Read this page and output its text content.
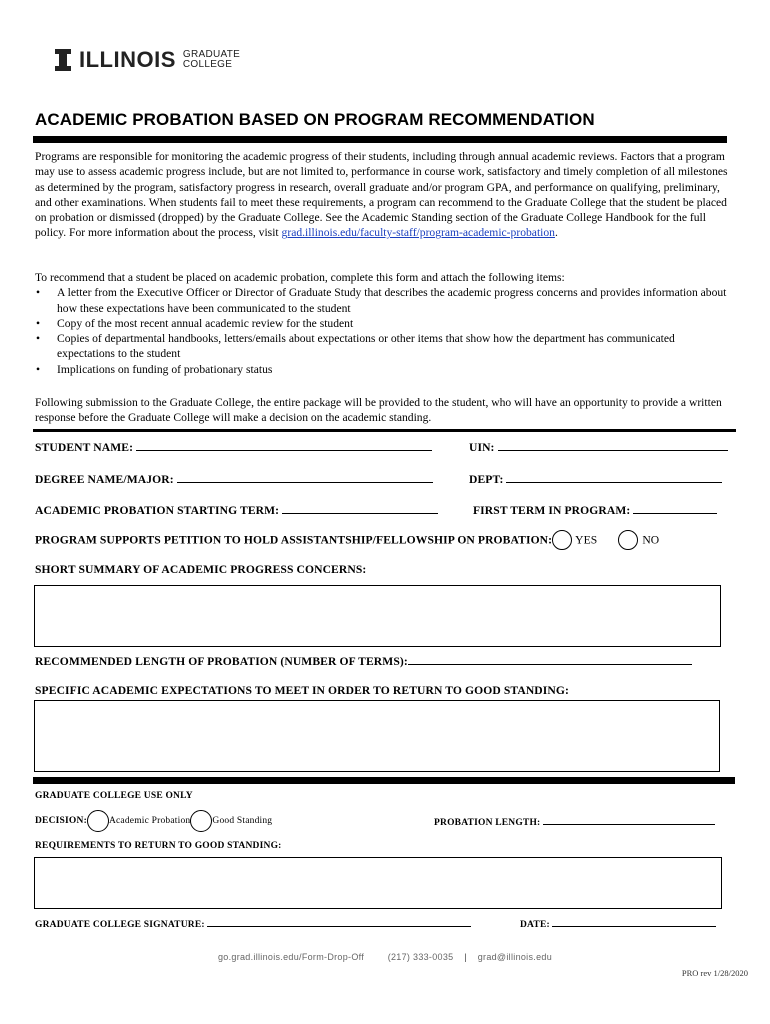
ILLINOIS GRADUATE
COLLEGE
ACADEMIC PROBATION BASED ON PROGRAM RECOMMENDATION
Programs are responsible for monitoring the academic progress of their students, including through annual academic reviews. Factors that a program may use to assess academic progress include, but are not limited to, performance in course work, satisfactory and timely completion of all milestones as determined by the program, satisfactory progress in research, overall graduate and/or program GPA, and performance on qualifying, preliminary, and other examinations. When students fail to meet these requirements, a program can recommend to the Graduate College that the student be placed on probation or dismissed (dropped) by the Graduate College. See the Academic Standing section of the Graduate College Handbook for the full policy. For more information about the process, visit grad.illinois.edu/faculty-staff/program-academic-probation.
To recommend that a student be placed on academic probation, complete this form and attach the following items:
• A letter from the Executive Officer or Director of Graduate Study that describes the academic progress concerns and provides information about how these expectations have been communicated to the student
• Copy of the most recent annual academic review for the student
• Copies of departmental handbooks, letters/emails about expectations or other items that show how the department has communicated expectations to the student
• Implications on funding of probationary status
Following submission to the Graduate College, the entire package will be provided to the student, who will have an opportunity to provide a written response before the Graduate College will make a decision on the academic standing.
STUDENT NAME:	UIN:
DEGREE NAME/MAJOR:	DEPT:
ACADEMIC PROBATION STARTING TERM:	FIRST TERM IN PROGRAM:
PROGRAM SUPPORTS PETITION TO HOLD ASSISTANTSHIP/FELLOWSHIP ON PROBATION: YES	NO
SHORT SUMMARY OF ACADEMIC PROGRESS CONCERNS:
RECOMMENDED LENGTH OF PROBATION (NUMBER OF TERMS):
SPECIFIC ACADEMIC EXPECTATIONS TO MEET IN ORDER TO RETURN TO GOOD STANDING:
GRADUATE COLLEGE USE ONLY
DECISION: Academic Probation Good Standing	PROBATION LENGTH:
REQUIREMENTS TO RETURN TO GOOD STANDING:
GRADUATE COLLEGE SIGNATURE:	DATE:
go.grad.illinois.edu/Form-Drop-Off	(217) 333-0035 | grad@illinois.edu
PRO rev 1/28/2020
